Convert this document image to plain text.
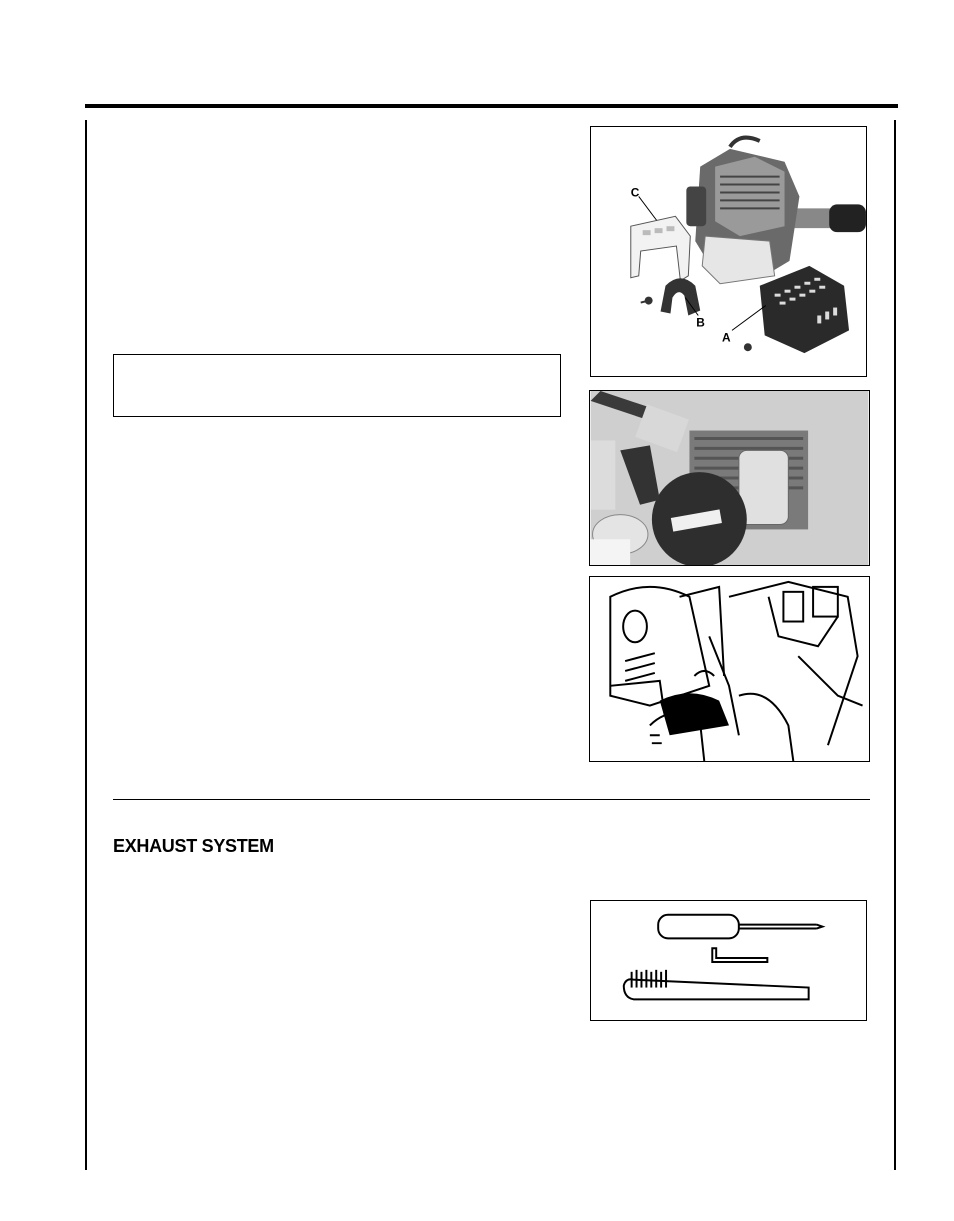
C
B
A
EXHAUST SYSTEM
